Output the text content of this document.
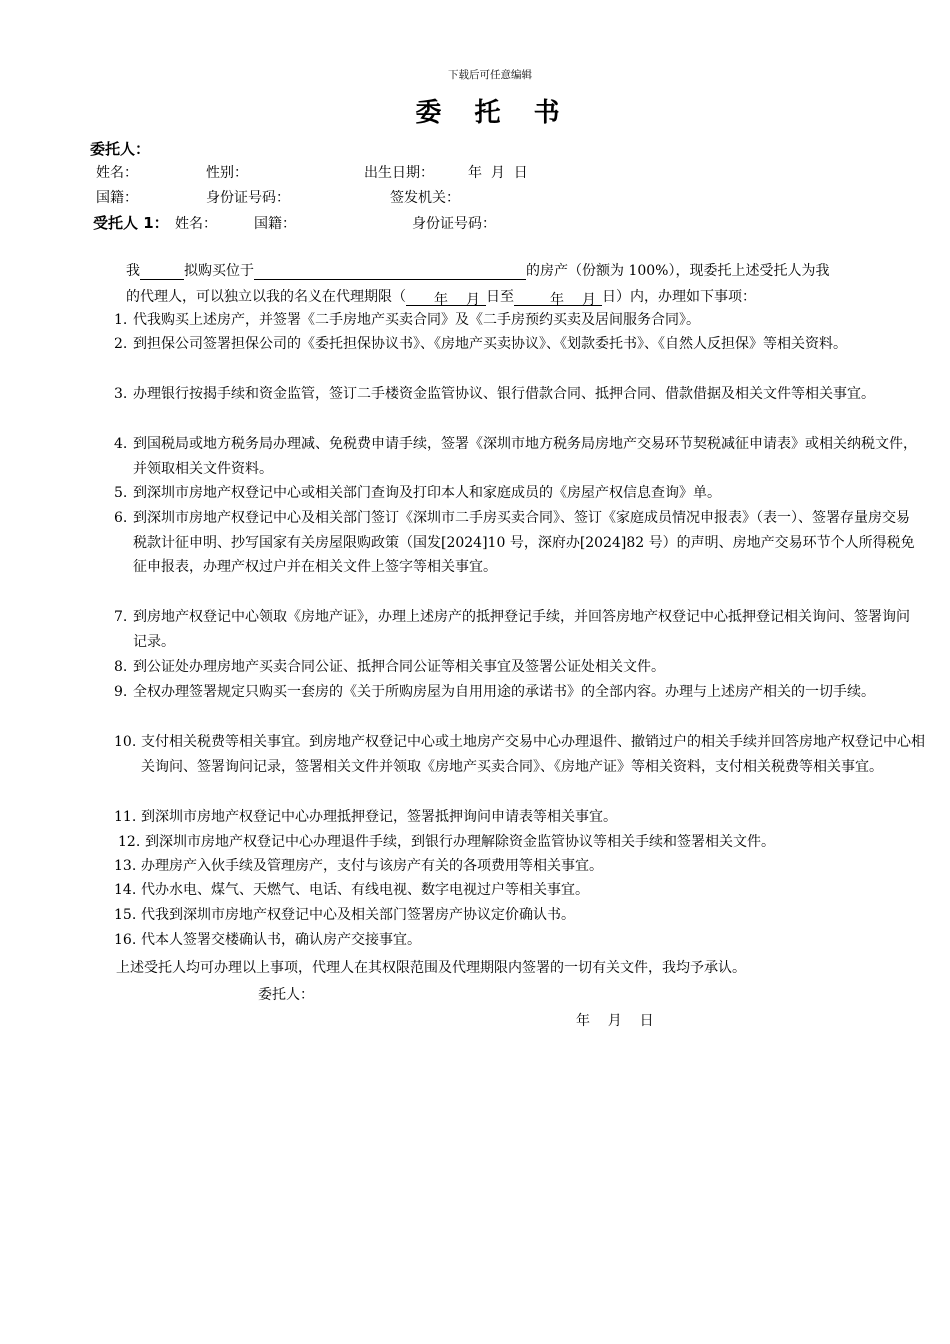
下载后可任意编辑
委 托 书
委托人：
姓名：	性别：	出生日期： 年  月  日
国籍：	身份证号码：	签发机关：
受托人 1： 姓名：	国籍：	身份证号码：
我	拟购买位于	的房产（份额为 100%），现委托上述受托人为我
的代理人，可以独立以我的名义在代理期限（ 年 月 日至	年 月 日）内，办理如下事项：
1. 代我购买上述房产，并签署《二手房地产买卖合同》及《二手房预约买卖及居间服务合同》。
2. 到担保公司签署担保公司的《委托担保协议书》、《房地产买卖协议》、《划款委托书》、《自然人反担保》等相关资料。
3. 办理银行按揭手续和资金监管，签订二手楼资金监管协议、银行借款合同、抵押合同、借款借据及相关文件等相关事宜。
4. 到国税局或地方税务局办理减、免税费申请手续，签署《深圳市地方税务局房地产交易环节契税减征申请表》或相关纳税文件，并领取相关文件资料。
5. 到深圳市房地产权登记中心或相关部门查询及打印本人和家庭成员的《房屋产权信息查询》单。
6. 到深圳市房地产权登记中心及相关部门签订《深圳市二手房买卖合同》、签订《家庭成员情况申报表》（表一）、签署存量房交易税款计征申明、抄写国家有关房屋限购政策（国发[2024]10 号，深府办[2024]82 号）的声明、房地产交易环节个人所得税免征申报表，办理产权过户并在相关文件上签字等相关事宜。
7. 到房地产权登记中心领取《房地产证》，办理上述房产的抵押登记手续，并回答房地产权登记中心抵押登记相关询问、签署询问记录。
8. 到公证处办理房地产买卖合同公证、抵押合同公证等相关事宜及签署公证处相关文件。
9. 全权办理签署规定只购买一套房的《关于所购房屋为自用用途的承诺书》的全部内容。办理与上述房产相关的一切手续。
10. 支付相关税费等相关事宜。到房地产权登记中心或土地房产交易中心办理退件、撤销过户的相关手续并回答房地产权登记中心相关询问、签署询问记录，签署相关文件并领取《房地产买卖合同》、《房地产证》等相关资料，支付相关税费等相关事宜。
11. 到深圳市房地产权登记中心办理抵押登记，签署抵押询问申请表等相关事宜。
12. 到深圳市房地产权登记中心办理退件手续，到银行办理解除资金监管协议等相关手续和签署相关文件。
13. 办理房产入伙手续及管理房产，支付与该房产有关的各项费用等相关事宜。
14. 代办水电、煤气、天燃气、电话、有线电视、数字电视过户等相关事宜。
15. 代我到深圳市房地产权登记中心及相关部门签署房产协议定价确认书。
16. 代本人签署交楼确认书，确认房产交接事宜。
上述受托人均可办理以上事项，代理人在其权限范围及代理期限内签署的一切有关文件，我均予承认。
委托人：
年    月    日
